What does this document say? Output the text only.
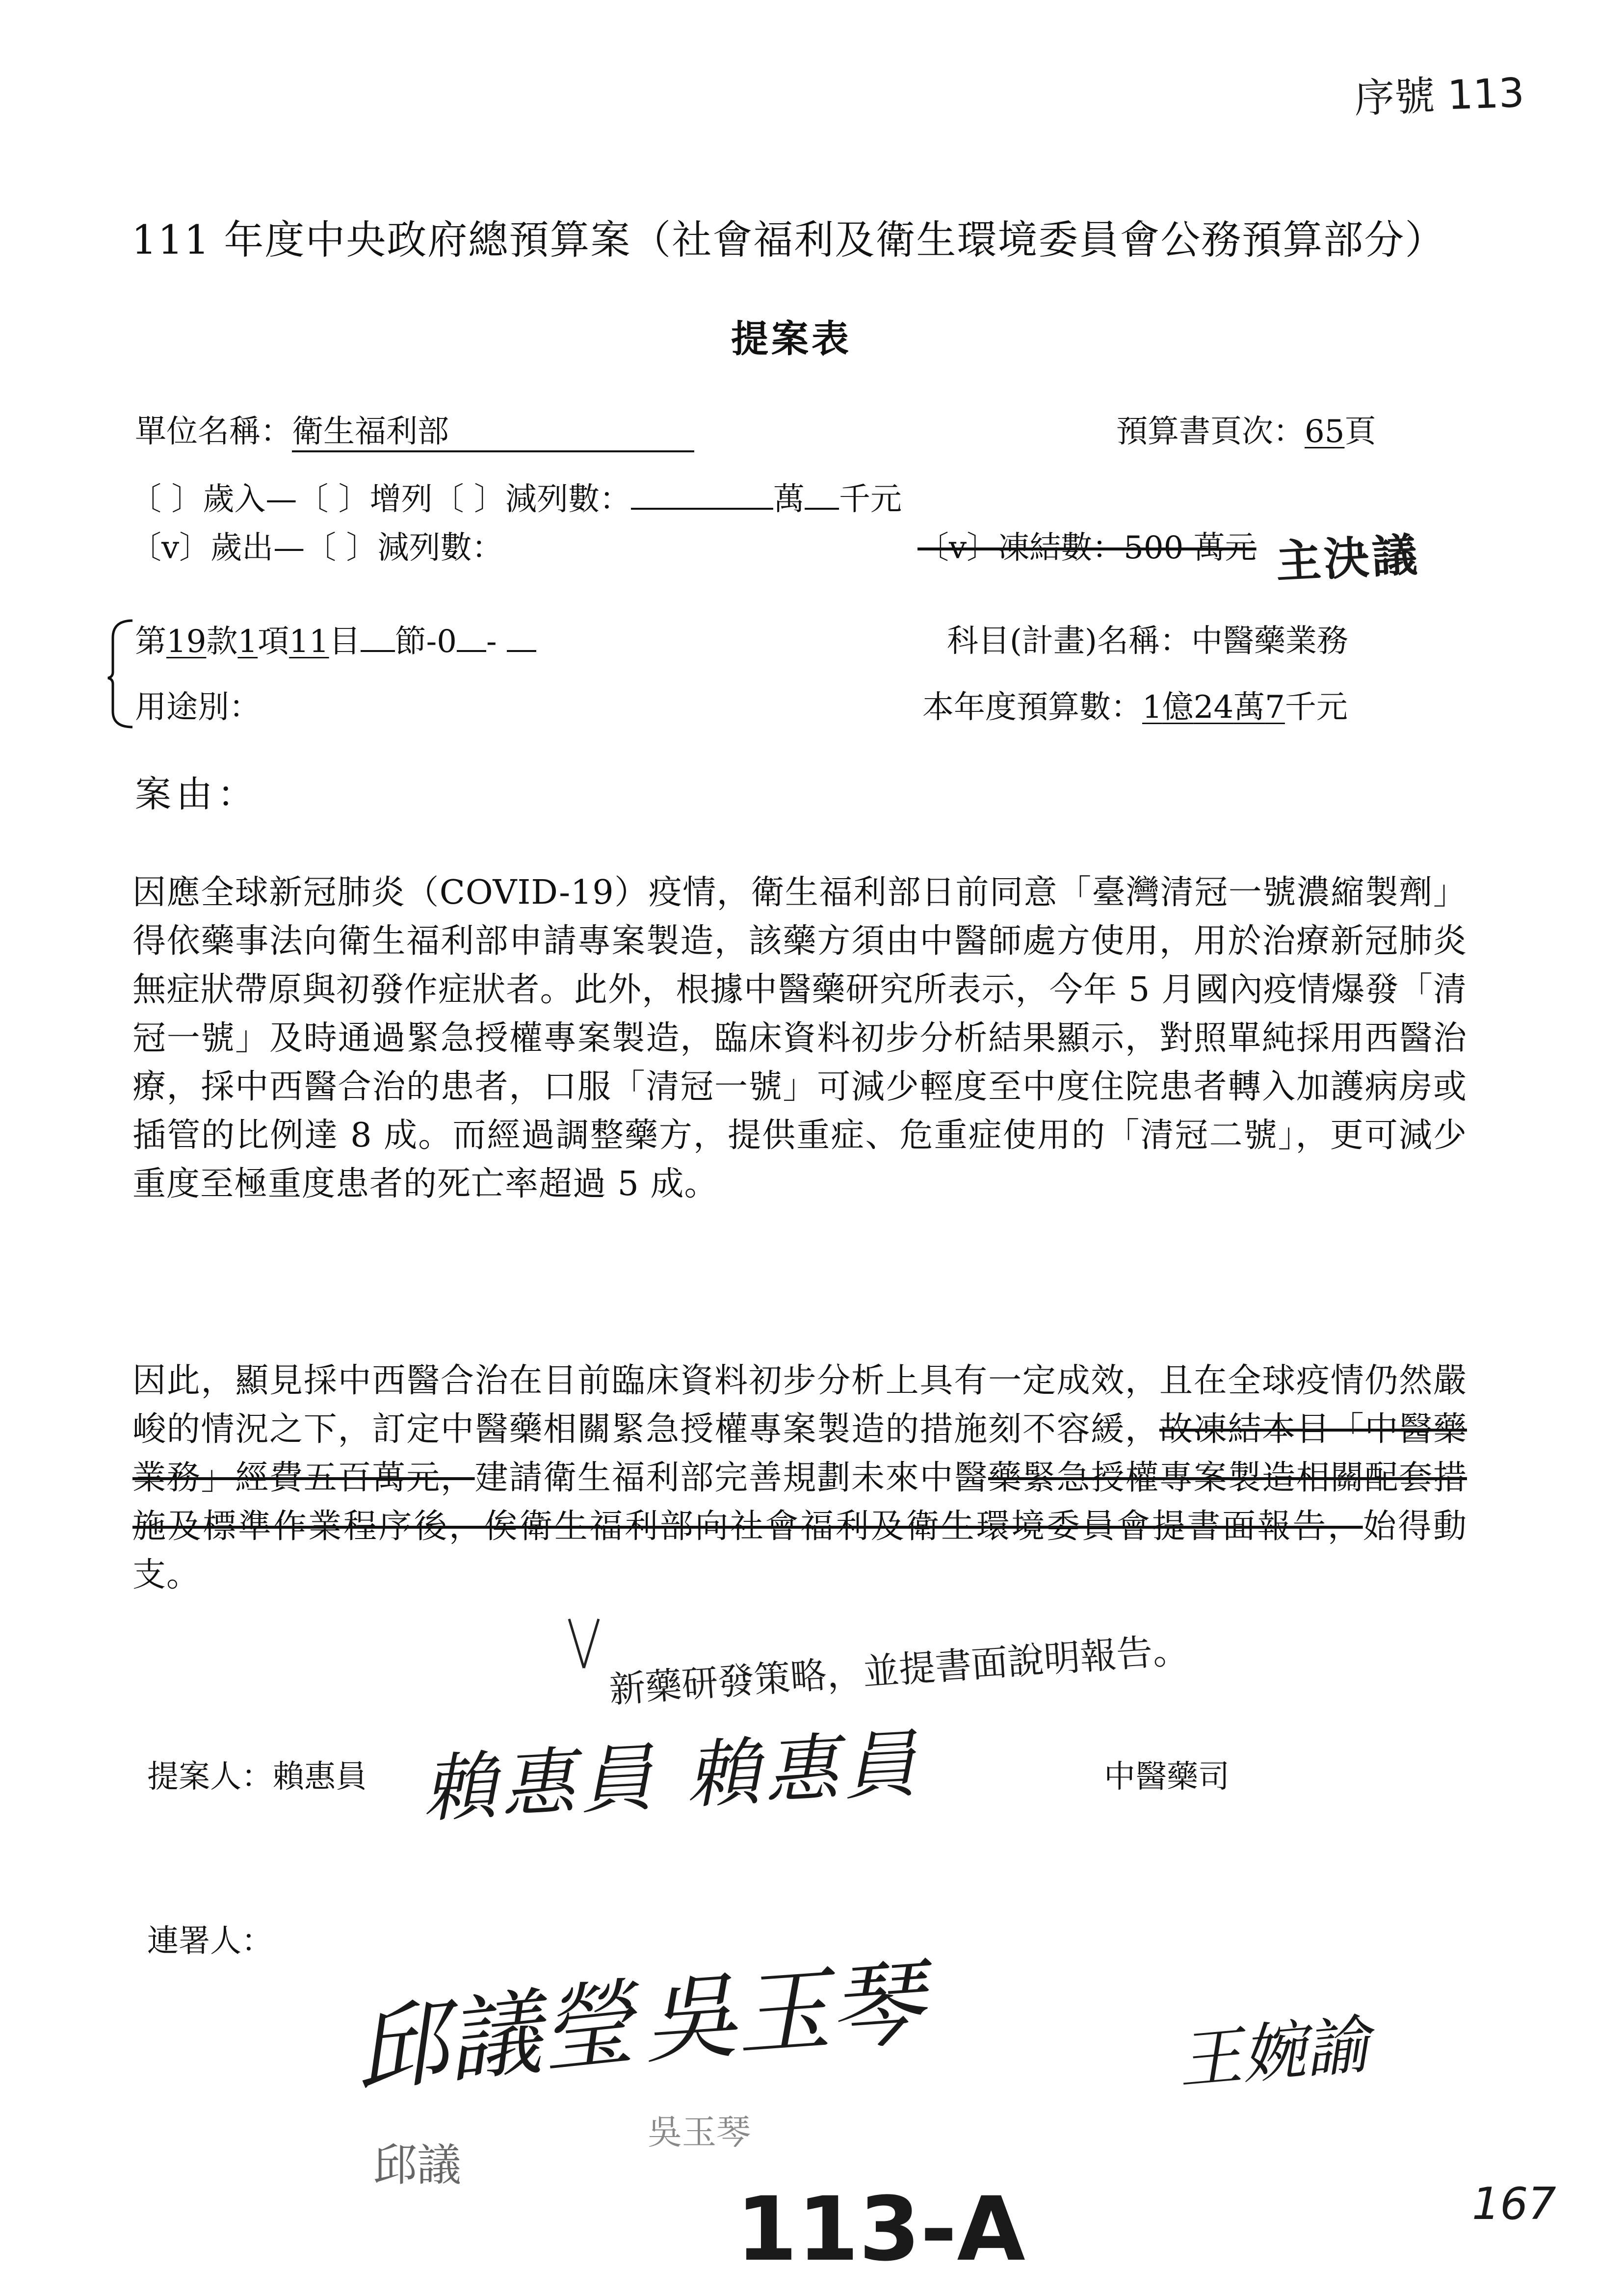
序號 113
111 年度中央政府總預算案（社會福利及衛生環境委員會公務預算部分）
提案表
單位名稱：衛生福利部	預算書頁次：65頁
〔 〕歲入—〔 〕增列〔 〕減列數：	萬 千元
〔v〕歲出—〔 〕減列數：	〔v〕凍結數：500 萬元 主決議
第19款1項11目 節-0 -	科目(計畫)名稱：中醫藥業務
用途別：	本年度預算數：1億24萬7千元
案由：
因應全球新冠肺炎（COVID-19）疫情，衛生福利部日前同意「臺灣清冠一號濃縮製劑」得依藥事法向衛生福利部申請專案製造，該藥方須由中醫師處方使用，用於治療新冠肺炎無症狀帶原與初發作症狀者。此外，根據中醫藥研究所表示，今年 5 月國內疫情爆發「清冠一號」及時通過緊急授權專案製造，臨床資料初步分析結果顯示，對照單純採用西醫治療，採中西醫合治的患者，口服「清冠一號」可減少輕度至中度住院患者轉入加護病房或插管的比例達 8 成。而經過調整藥方，提供重症、危重症使用的「清冠二號」，更可減少重度至極重度患者的死亡率超過 5 成。
因此，顯見採中西醫合治在目前臨床資料初步分析上具有一定成效，且在全球疫情仍然嚴峻的情況之下，訂定中醫藥相關緊急授權專案製造的措施刻不容緩，故凍結本目「中醫藥業務」經費五百萬元，建請衛生福利部完善規劃未來中醫藥緊急授權專案製造相關配套措施及標準作業程序後，俟衛生福利部向社會福利及衛生環境委員會提書面報告，始得動支。
新藥研發策略，並提書面說明報告。
提案人：賴惠員 賴惠員 賴惠員	中醫藥司
連署人：
邱議瑩 吳玉琴	王婉諭
邱議
吳玉琴
113-A	167
